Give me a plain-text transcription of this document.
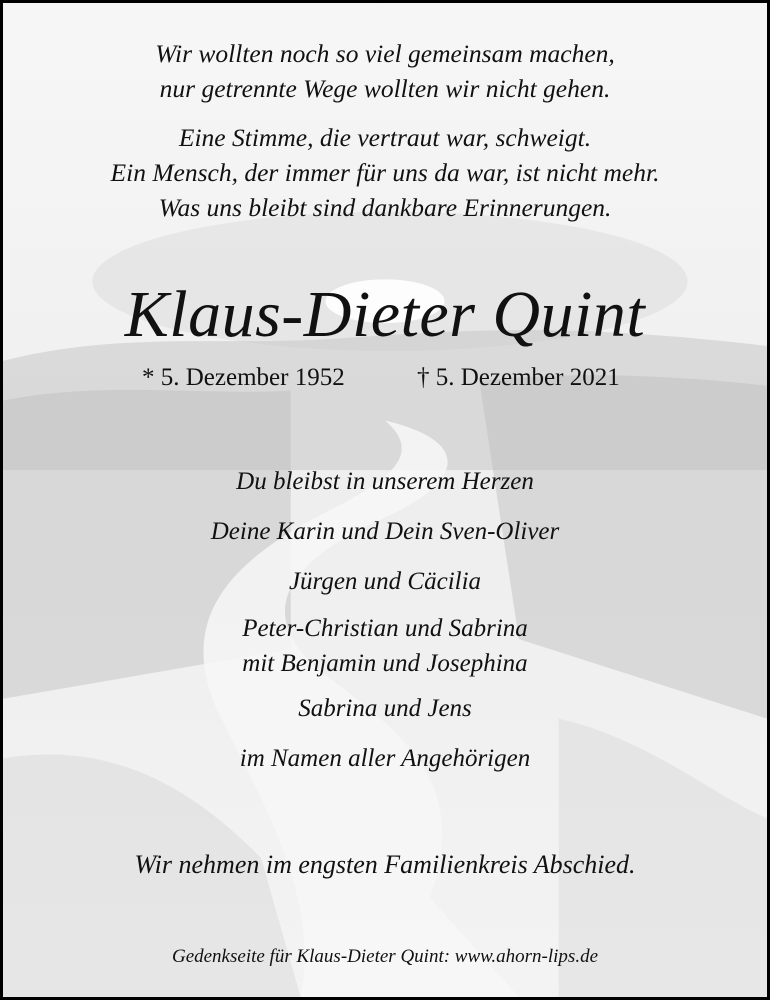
Wir wollten noch so viel gemeinsam machen,
nur getrennte Wege wollten wir nicht gehen.
Eine Stimme, die vertraut war, schweigt.
Ein Mensch, der immer für uns da war, ist nicht mehr.
Was uns bleibt sind dankbare Erinnerungen.
Klaus-Dieter Quint
* 5. Dezember 1952	† 5. Dezember 2021
Du bleibst in unserem Herzen
Deine Karin und Dein Sven-Oliver
Jürgen und Cäcilia
Peter-Christian und Sabrina
mit Benjamin und Josephina
Sabrina und Jens
im Namen aller Angehörigen
Wir nehmen im engsten Familienkreis Abschied.
Gedenkseite für Klaus-Dieter Quint: www.ahorn-lips.de
